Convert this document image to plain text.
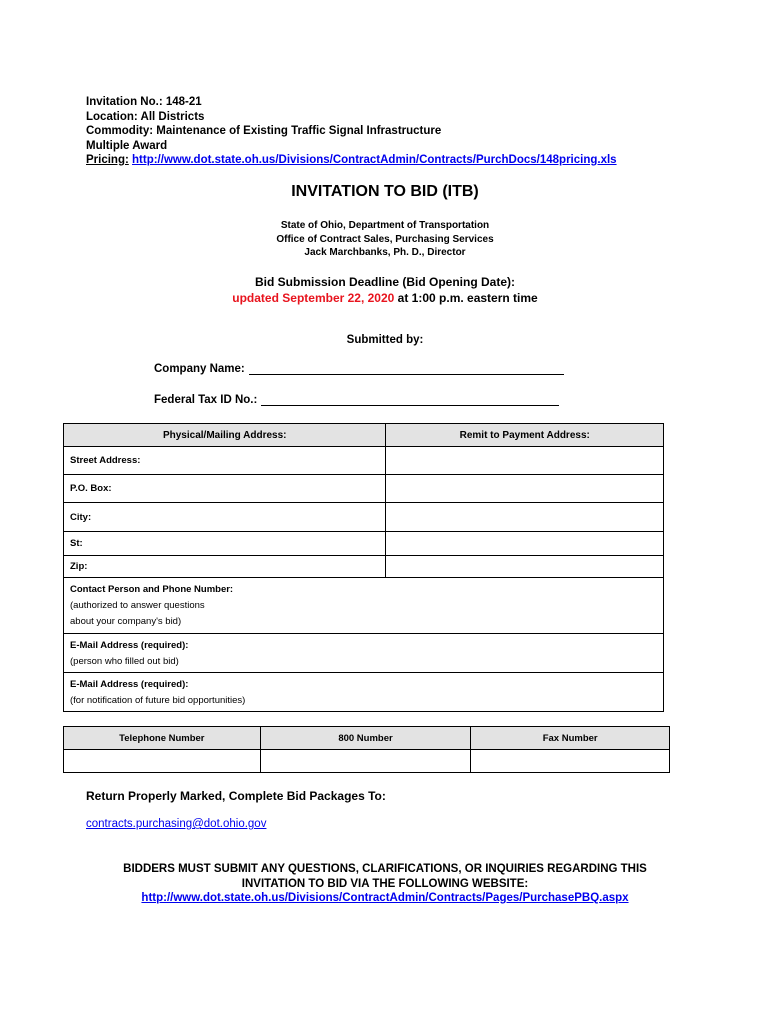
Invitation No.: 148-21
Location: All Districts
Commodity: Maintenance of Existing Traffic Signal Infrastructure
Multiple Award
Pricing: http://www.dot.state.oh.us/Divisions/ContractAdmin/Contracts/PurchDocs/148pricing.xls
INVITATION TO BID (ITB)
State of Ohio, Department of Transportation
Office of Contract Sales, Purchasing Services
Jack Marchbanks, Ph. D., Director
Bid Submission Deadline (Bid Opening Date):
updated September 22, 2020 at 1:00 p.m. eastern time
Submitted by:
Company Name:
Federal Tax ID No.:
Physical/Mailing Address:	Remit to Payment Address:
Street Address:	
P.O. Box:	
City:	
St:	
Zip:	

Contact Person and Phone Number:
(authorized to answer questions
about your company's bid)	

E-Mail Address (required):
(person who filled out bid)	

E-Mail Address (required):
(for notification of future bid opportunities)	
Telephone Number	800 Number	Fax Number

Return Properly Marked, Complete Bid Packages To:
contracts.purchasing@dot.ohio.gov
BIDDERS MUST SUBMIT ANY QUESTIONS, CLARIFICATIONS, OR INQUIRIES REGARDING THIS
INVITATION TO BID VIA THE FOLLOWING WEBSITE:
http://www.dot.state.oh.us/Divisions/ContractAdmin/Contracts/Pages/PurchasePBQ.aspx
